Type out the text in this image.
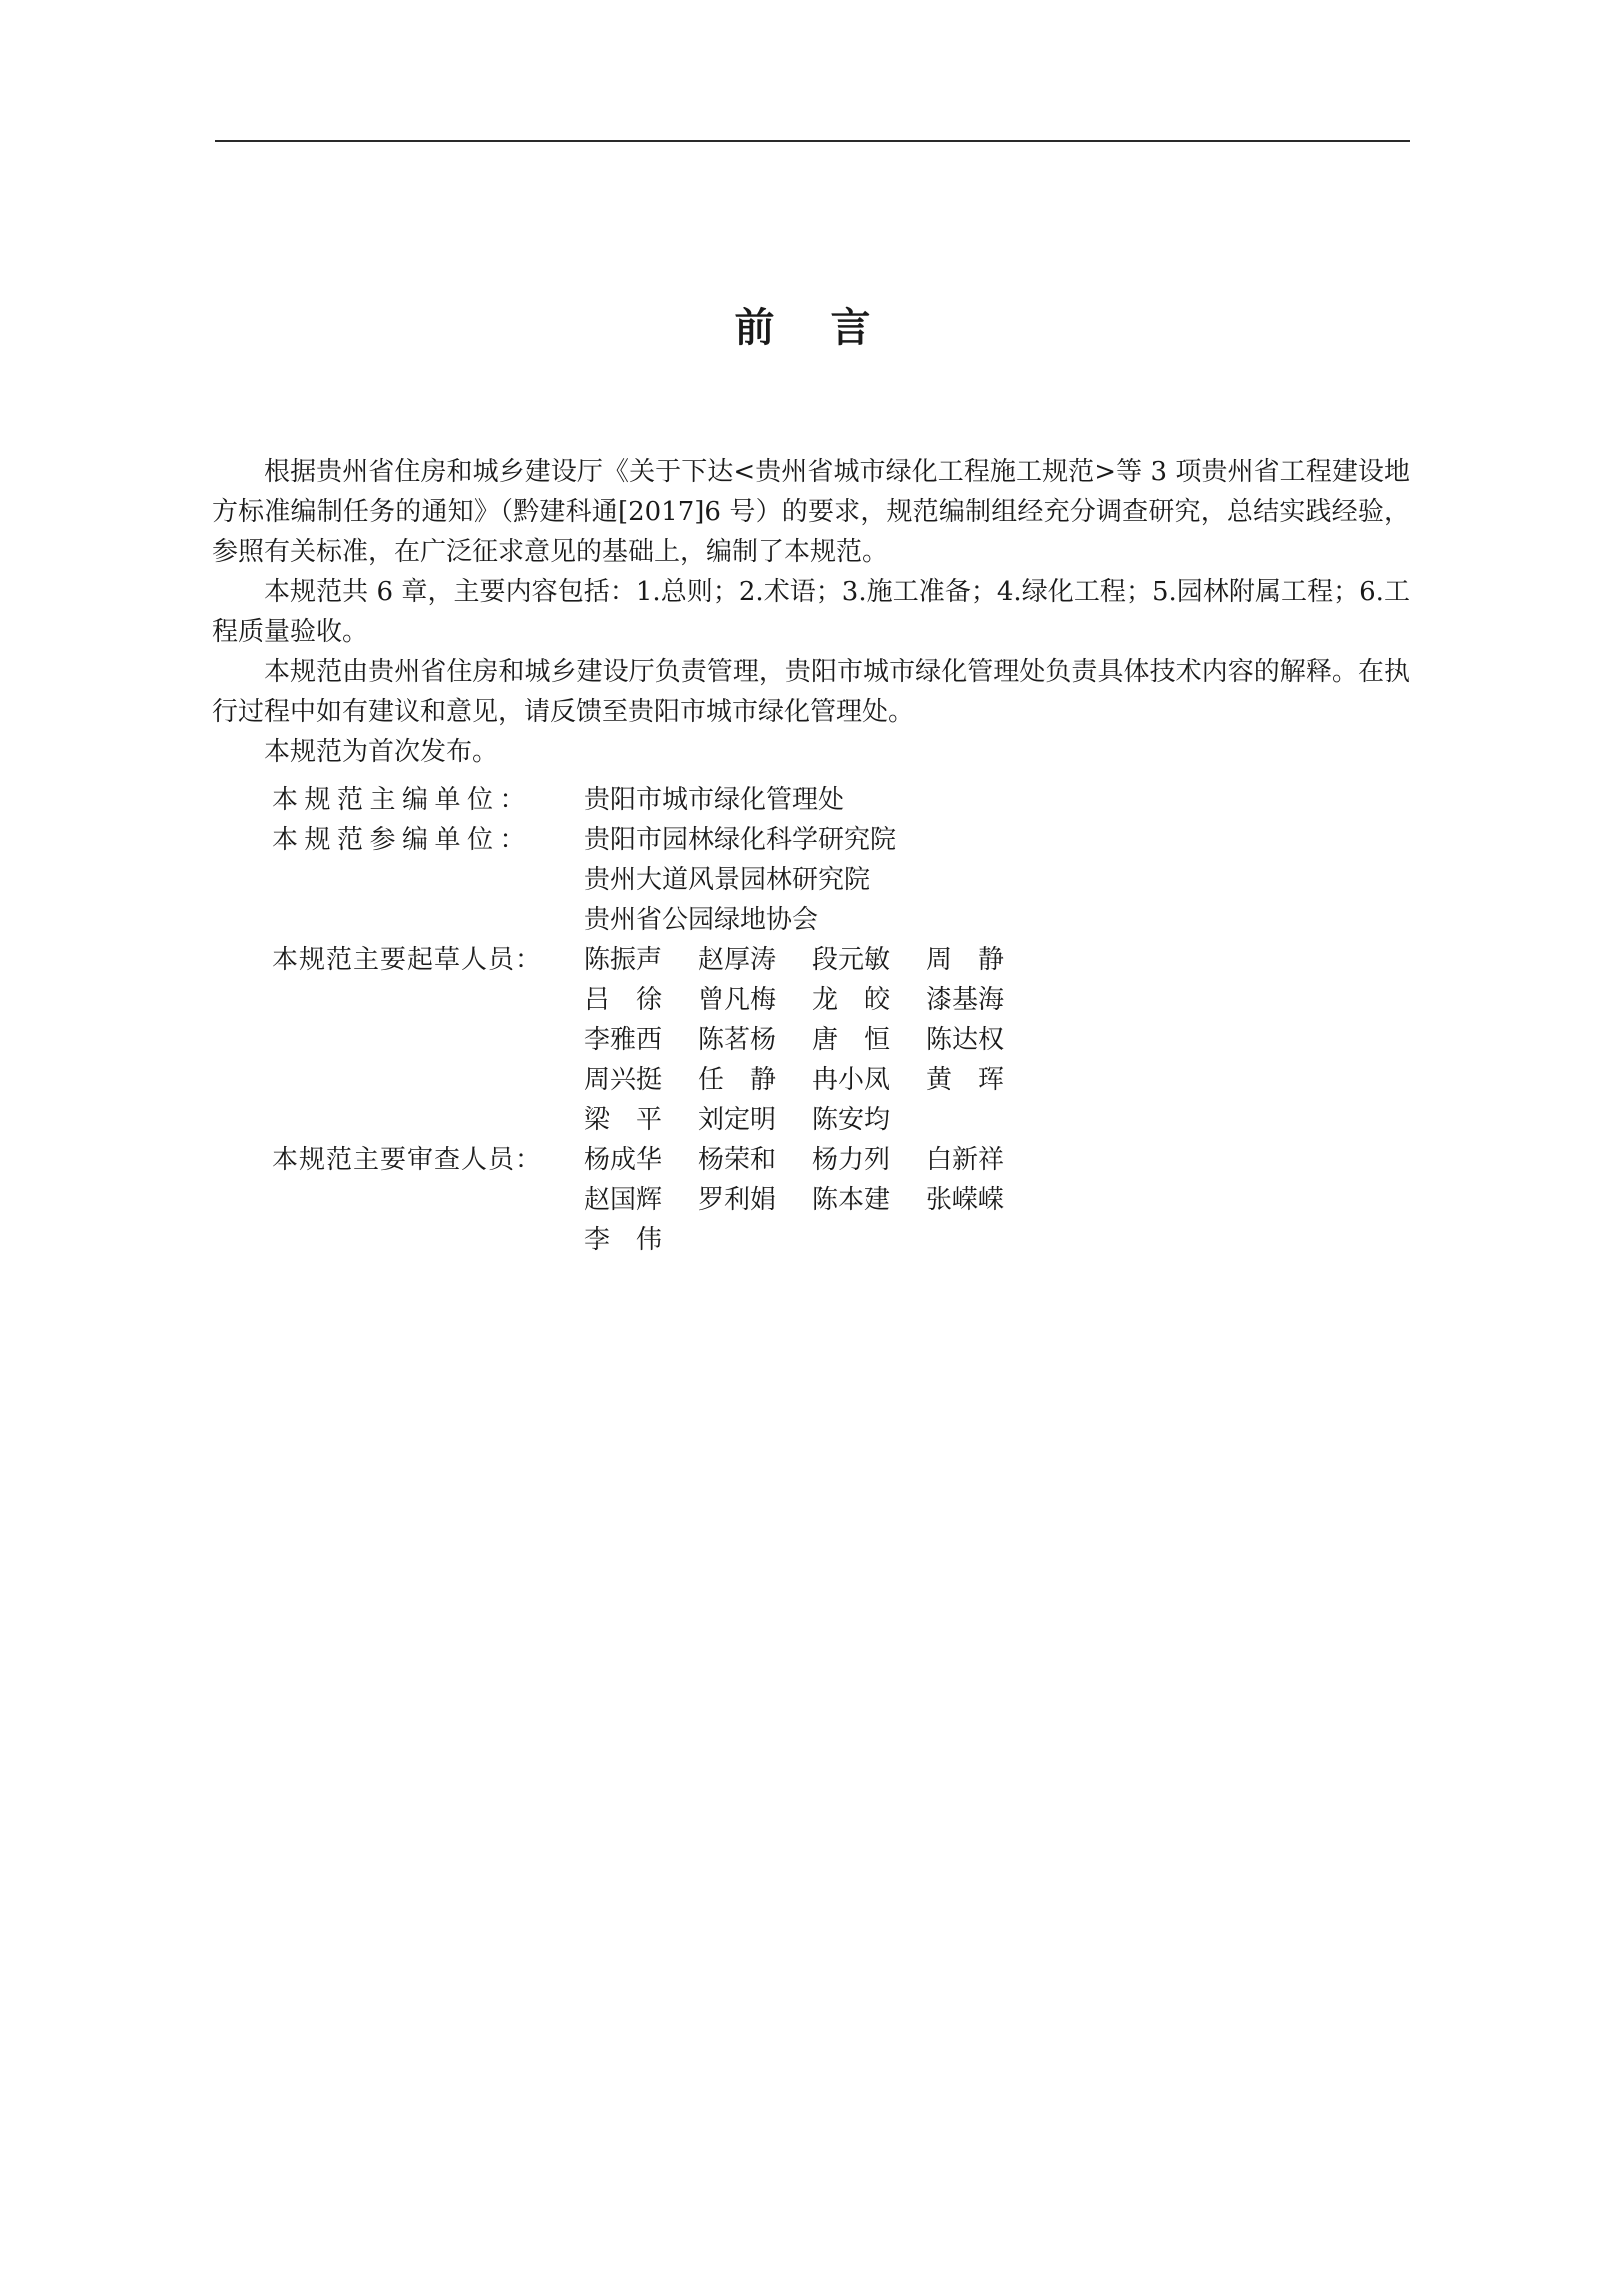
前 言

根据贵州省住房和城乡建设厅《关于下达<贵州省城市绿化工程施工规范>等 3 项贵州省工程建设地方标准编制任务的通知》（黔建科通[2017]6 号）的要求，规范编制组经充分调查研究，总结实践经验，参照有关标准，在广泛征求意见的基础上，编制了本规范。

本规范共 6 章，主要内容包括：1.总则；2.术语；3.施工准备；4.绿化工程；5.园林附属工程；6.工程质量验收。

本规范由贵州省住房和城乡建设厅负责管理，贵阳市城市绿化管理处负责具体技术内容的解释。在执行过程中如有建议和意见，请反馈至贵阳市城市绿化管理处。

本规范为首次发布。

本规范主编单位：	贵阳市城市绿化管理处
本规范参编单位：	贵阳市园林绿化科学研究院
贵州大道风景园林研究院
贵州省公园绿地协会
本规范主要起草人员：	陈振声	赵厚涛	段元敏	周　静
吕　徐	曾凡梅	龙　皎	漆基海
李雅西	陈茗杨	唐　恒	陈达权
周兴挺	任　静	冉小凤	黄　珲
梁　平	刘定明	陈安均
本规范主要审查人员：	杨成华	杨荣和	杨力列	白新祥
赵国辉	罗利娟	陈本建	张嵘嵘
李　伟
